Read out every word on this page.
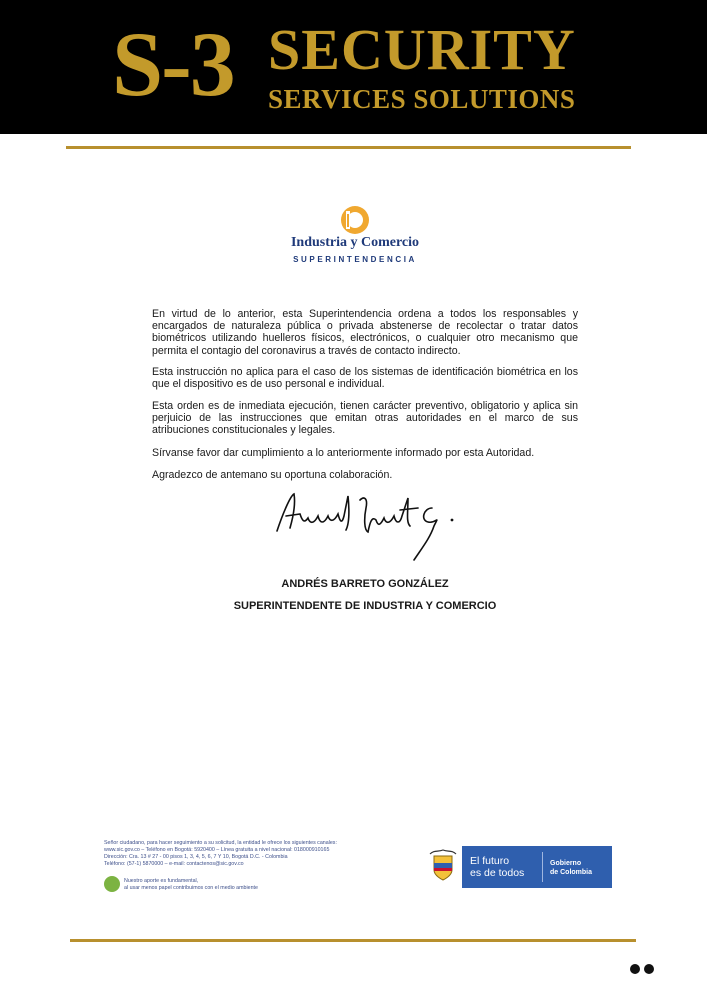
S-3 SECURITY
SERVICES SOLUTIONS
Industria y Comercio
SUPERINTENDENCIA
En virtud de lo anterior, esta Superintendencia ordena a todos los responsables y encargados de naturaleza pública o privada abstenerse de recolectar o tratar datos biométricos utilizando huelleros físicos, electrónicos, o cualquier otro mecanismo que permita el contagio del coronavirus a través de contacto indirecto.
Esta instrucción no aplica para el caso de los sistemas de identificación biométrica en los que el dispositivo es de uso personal e individual.
Esta orden es de inmediata ejecución, tienen carácter preventivo, obligatorio y aplica sin perjuicio de las instrucciones que emitan otras autoridades en el marco de sus atribuciones constitucionales y legales.
Sírvanse favor dar cumplimiento a lo anteriormente informado por esta Autoridad.
Agradezco de antemano su oportuna colaboración.
ANDRÉS BARRETO GONZÁLEZ
SUPERINTENDENTE DE INDUSTRIA Y COMERCIO
Señor ciudadano, para hacer seguimiento a su solicitud, la entidad le ofrece los siguientes canales:
www.sic.gov.co – Teléfono en Bogotá: 5920400 – Línea gratuita a nivel nacional: 018000910165
Dirección: Cra. 13 # 27 - 00 pisos 1, 3, 4, 5, 6, 7 Y 10, Bogotá D.C. - Colombia
Teléfono: (57-1) 5870000 – e-mail: contactenos@sic.gov.co
Nuestro aporte es fundamental,
al usar menos papel contribuimos con el medio ambiente
El futuro
es de todos
Gobierno
de Colombia
